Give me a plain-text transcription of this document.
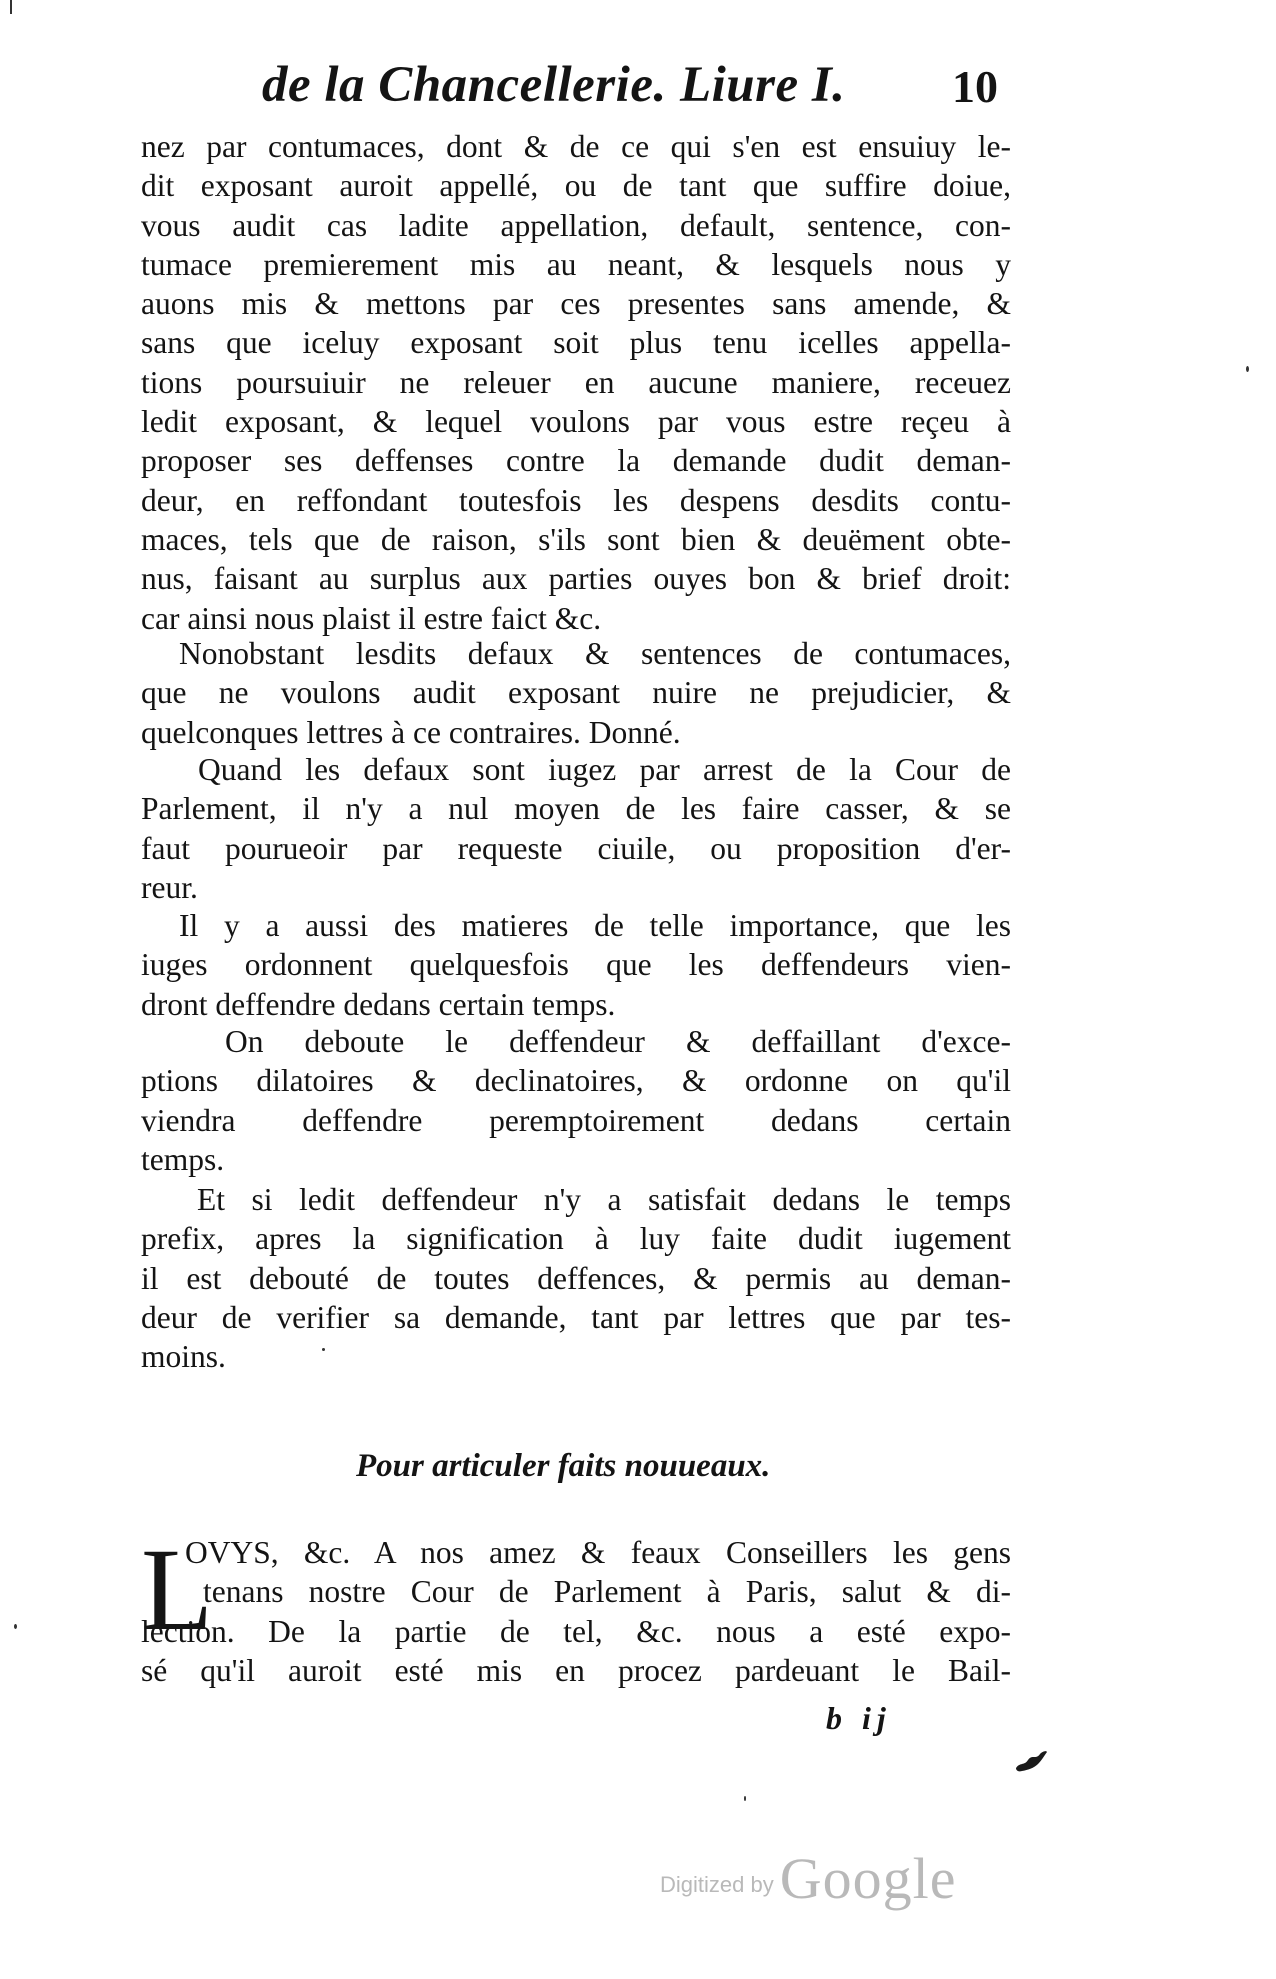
de la Chancellerie. Liure I.	10
nez par contumaces, dont & de ce qui s'en est ensuiuy le-
dit exposant auroit appellé, ou de tant que suffire doiue,
vous audit cas ladite appellation, default, sentence, con-
tumace premierement mis au neant, & lesquels nous y
auons mis & mettons par ces presentes sans amende, &
sans que iceluy exposant soit plus tenu icelles appella-
tions poursuiuir ne releuer en aucune maniere, receuez
ledit exposant, & lequel voulons par vous estre reçeu à
proposer ses deffenses contre la demande dudit deman-
deur, en reffondant toutesfois les despens desdits contu-
maces, tels que de raison, s'ils sont bien & deuëment obte-
nus, faisant au surplus aux parties ouyes bon & brief droit:
car ainsi nous plaist il estre faict &c.
Nonobstant lesdits defaux & sentences de contumaces,
que ne voulons audit exposant nuire ne prejudicier, &
quelconques lettres à ce contraires. Donné.
Quand les defaux sont iugez par arrest de la Cour de
Parlement, il n'y a nul moyen de les faire casser, & se
faut pourueoir par requeste ciuile, ou proposition d'er-
reur.
Il y a aussi des matieres de telle importance, que les
iuges ordonnent quelquesfois que les deffendeurs vien-
dront deffendre dedans certain temps.
On deboute le deffendeur & deffaillant d'excе-
ptions dilatoires & declinatoires, & ordonne on qu'il
viendra deffendre peremptoirement dedans certain
temps.
Et si ledit deffendeur n'y a satisfait dedans le temps
prefix, apres la signification à luy faite dudit iugement
il est debouté de toutes deffences, & permis au deman-
deur de verifier sa demande, tant par lettres que par tes-
moins.
Pour articuler faits nouueaux.
L
OVYS, &c. A nos amez & feaux Conseillers les gens
tenans nostre Cour de Parlement à Paris, salut & di-
lection. De la partie de tel, &c. nous a esté expo-
sé qu'il auroit esté mis en procez pardeuant le Bail-
b ij
Digitized by Google
